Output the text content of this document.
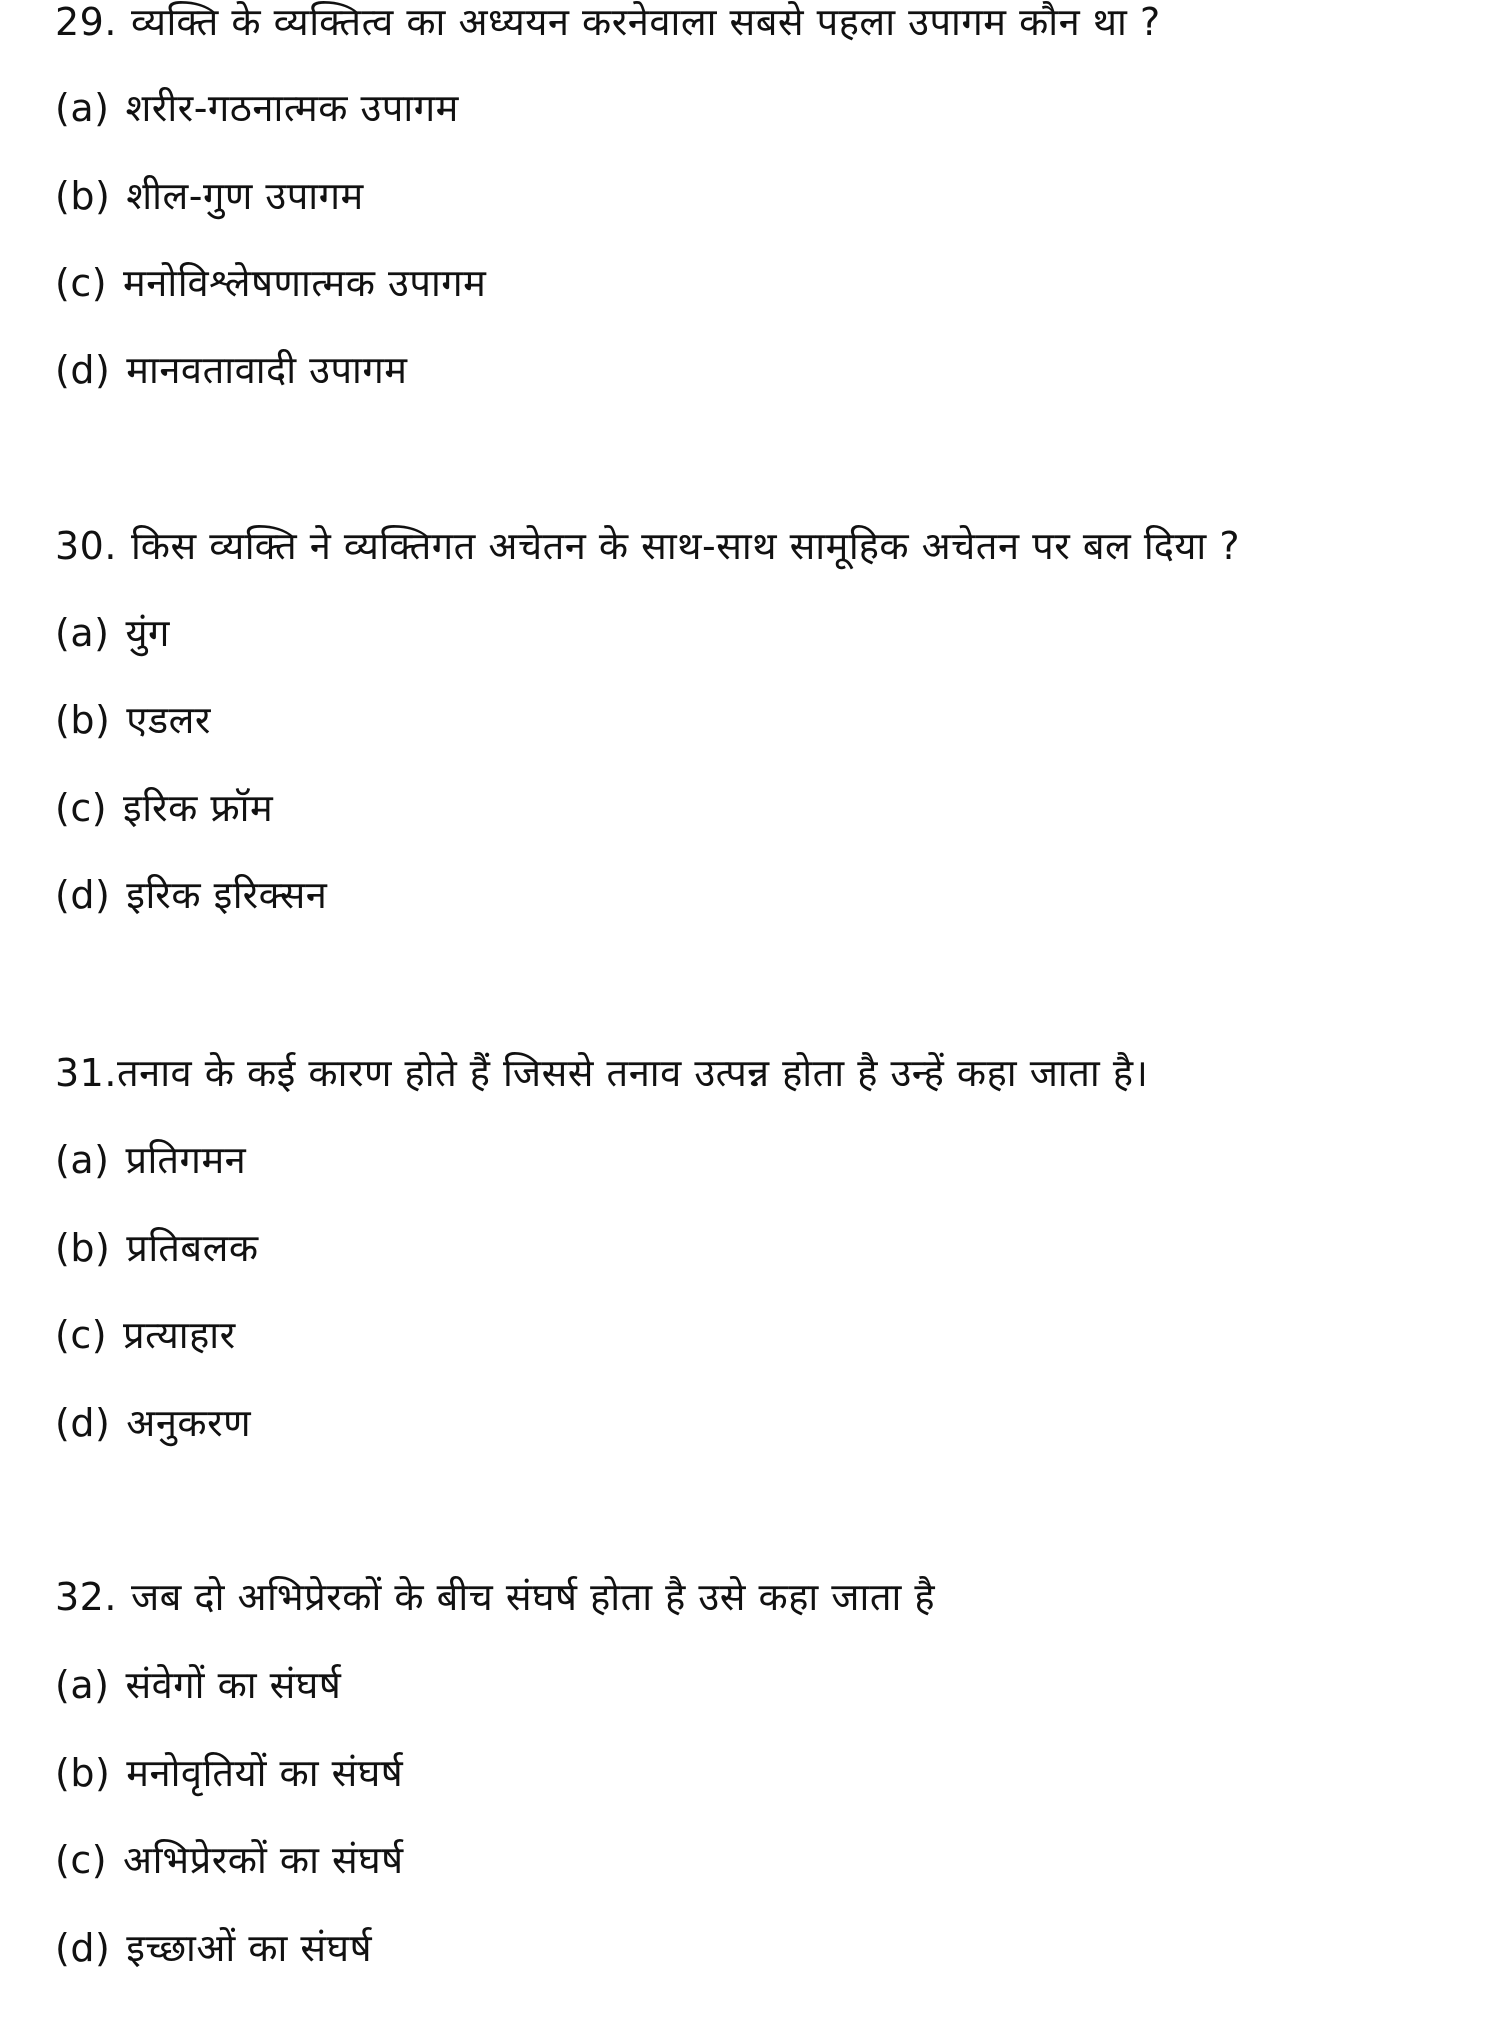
29. व्यक्ति के व्यक्तित्व का अध्ययन करनेवाला सबसे पहला उपागम कौन था ?
(a) शरीर-गठनात्मक उपागम
(b) शील-गुण उपागम
(c) मनोविश्लेषणात्मक उपागम
(d) मानवतावादी उपागम
30. किस व्यक्ति ने व्यक्तिगत अचेतन के साथ-साथ सामूहिक अचेतन पर बल दिया ?
(a) युंग
(b) एडलर
(c) इरिक फ्रॉम
(d) इरिक इरिक्सन
31.तनाव के कई कारण होते हैं जिससे तनाव उत्पन्न होता है उन्हें कहा जाता है।
(a) प्रतिगमन
(b) प्रतिबलक
(c) प्रत्याहार
(d) अनुकरण
32. जब दो अभिप्रेरकों के बीच संघर्ष होता है उसे कहा जाता है
(a) संवेगों का संघर्ष
(b) मनोवृतियों का संघर्ष
(c) अभिप्रेरकों का संघर्ष
(d) इच्छाओं का संघर्ष
